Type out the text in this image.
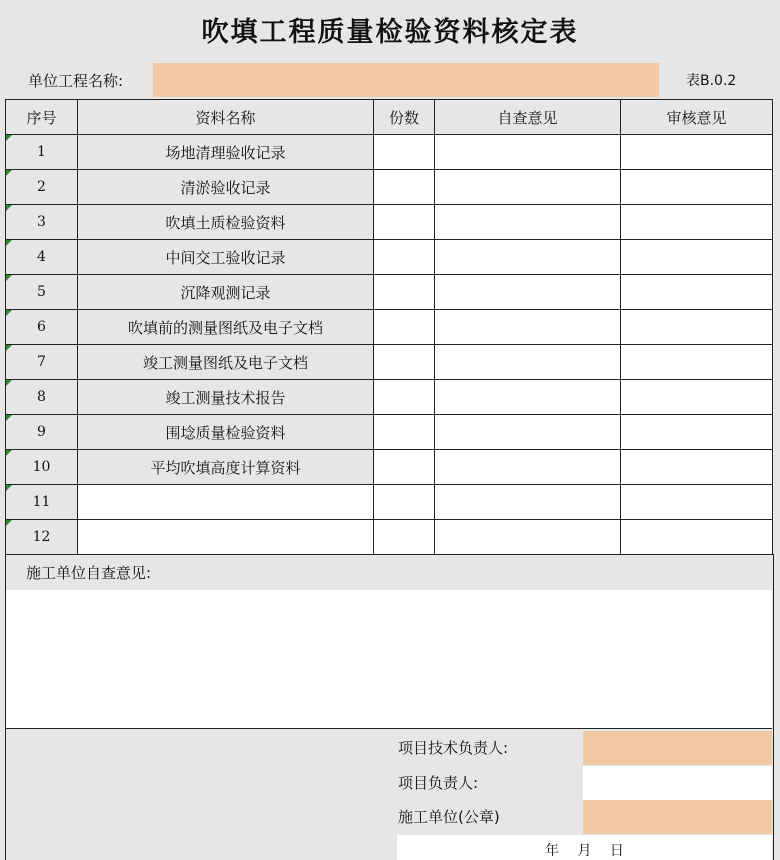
吹填工程质量检验资料核定表
单位工程名称:	表B.0.2
序号	资料名称	份数	自查意见	审核意见

1	场地清理验收记录			

2	清淤验收记录			

3	吹填土质检验资料			

4	中间交工验收记录			

5	沉降观测记录			

6	吹填前的测量图纸及电子文档			

7	竣工测量图纸及电子文档			

8	竣工测量技术报告			

9	围埝质量检验资料			

10	平均吹填高度计算资料			

11				

12				
施工单位自查意见:
项目技术负责人:
项目负责人:
施工单位(公章)
年 月 日
